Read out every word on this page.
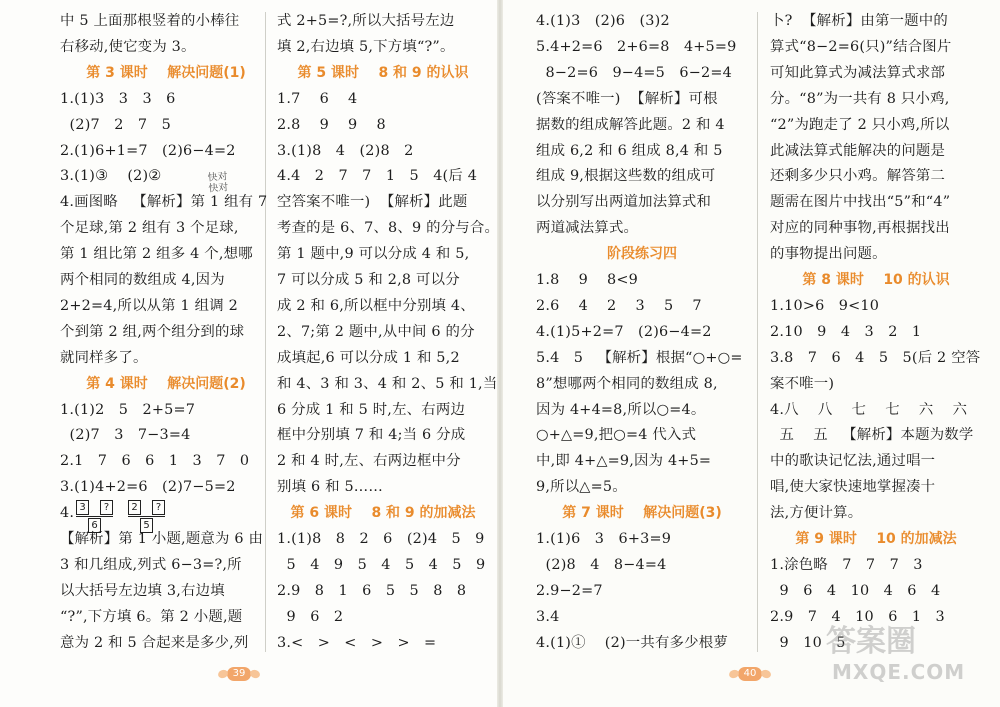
中 5 上面那根竖着的小棒往
右移动,使它变为 3。
第 3 课时    解决问题(1)
1.(1)3   3   3   6
(2)7   2   7   5
2.(1)6+1=7   (2)6−4=2
3.(1)③    (2)②
4.画图略   【解析】第 1 组有 7
个足球,第 2 组有 3 个足球,
第 1 组比第 2 组多 4 个,想哪
两个相同的数组成 4,因为
2+2=4,所以从第 1 组调 2
个到第 2 组,两个组分到的球
就同样多了。
第 4 课时    解决问题(2)
1.(1)2   5   2+5=7
(2)7   3   7−3=4
2.1   7   6   6   1   3   7   0
3.(1)4+2=6   (2)7−5=2
4. 3	?	2	?
6	5
【解析】第 1 小题,题意为 6 由
3 和几组成,列式 6−3=?,所
以大括号左边填 3,右边填
“?”,下方填 6。第 2 小题,题
意为 2 和 5 合起来是多少,列
式 2+5=?,所以大括号左边
填 2,右边填 5,下方填“?”。
第 5 课时    8 和 9 的认识
1.7    6    4
2.8    9    9    8
3.(1)8   4   (2)8   2
4.4   2   7   7   1   5   4(后 4
空答案不唯一)  【解析】此题
考查的是 6、7、8、9 的分与合。
第 1 题中,9 可以分成 4 和 5,
7 可以分成 5 和 2,8 可以分
成 2 和 6,所以框中分别填 4、
2、7;第 2 题中,从中间 6 的分
成填起,6 可以分成 1 和 5,2
和 4、3 和 3、4 和 2、5 和 1,当
6 分成 1 和 5 时,左、右两边
框中分别填 7 和 4;当 6 分成
2 和 4 时,左、右两边框中分
别填 6 和 5……
第 6 课时    8 和 9 的加减法
1.(1)8   8   2   6   (2)4   5   9
5   4   9   5   4   5   4   5   9
2.9   8   1   6   5   5   8   8
9   6   2
3.<   >   <   >   >   =
4.(1)3   (2)6   (3)2
5.4+2=6   2+6=8   4+5=9
8−2=6   9−4=5   6−2=4
(答案不唯一)  【解析】可根
据数的组成解答此题。2 和 4
组成 6,2 和 6 组成 8,4 和 5
组成 9,根据这些数的组成可
以分别写出两道加法算式和
两道减法算式。
阶段练习四
1.8    9    8<9
2.6    4    2    3    5    7
4.(1)5+2=7   (2)6−4=2
5.4   5   【解析】根据“○+○=
8”想哪两个相同的数组成 8,
因为 4+4=8,所以○=4。
○+△=9,把○=4 代入式
中,即 4+△=9,因为 4+5=
9,所以△=5。
第 7 课时    解决问题(3)
1.(1)6   3   6+3=9
(2)8   4   8−4=4
2.9−2=7
3.4
4.(1)①    (2)一共有多少根萝
卜?  【解析】由第一题中的
算式“8−2=6(只)”结合图片
可知此算式为减法算式求部
分。“8”为一共有 8 只小鸡,
“2”为跑走了 2 只小鸡,所以
此减法算式能解决的问题是
还剩多少只小鸡。解答第二
题需在图片中找出“5”和“4”
对应的同种事物,再根据找出
的事物提出问题。
第 8 课时    10 的认识
1.10>6   9<10
2.10   9   4   3   2   1
3.8   7   6   4   5   5(后 2 空答
案不唯一)
4.八    八    七    七    六    六
五    五   【解析】本题为数学
中的歌诀记忆法,通过唱一
唱,使大家快速地掌握凑十
法,方便计算。
第 9 课时    10 的加减法
1.涂色略   7   7   7   3
9   6   4   10   4   6   4
2.9   7   4   10   6   1   3
9   10   5
快对
快对
39	40
答案圈
MXQE.COM
